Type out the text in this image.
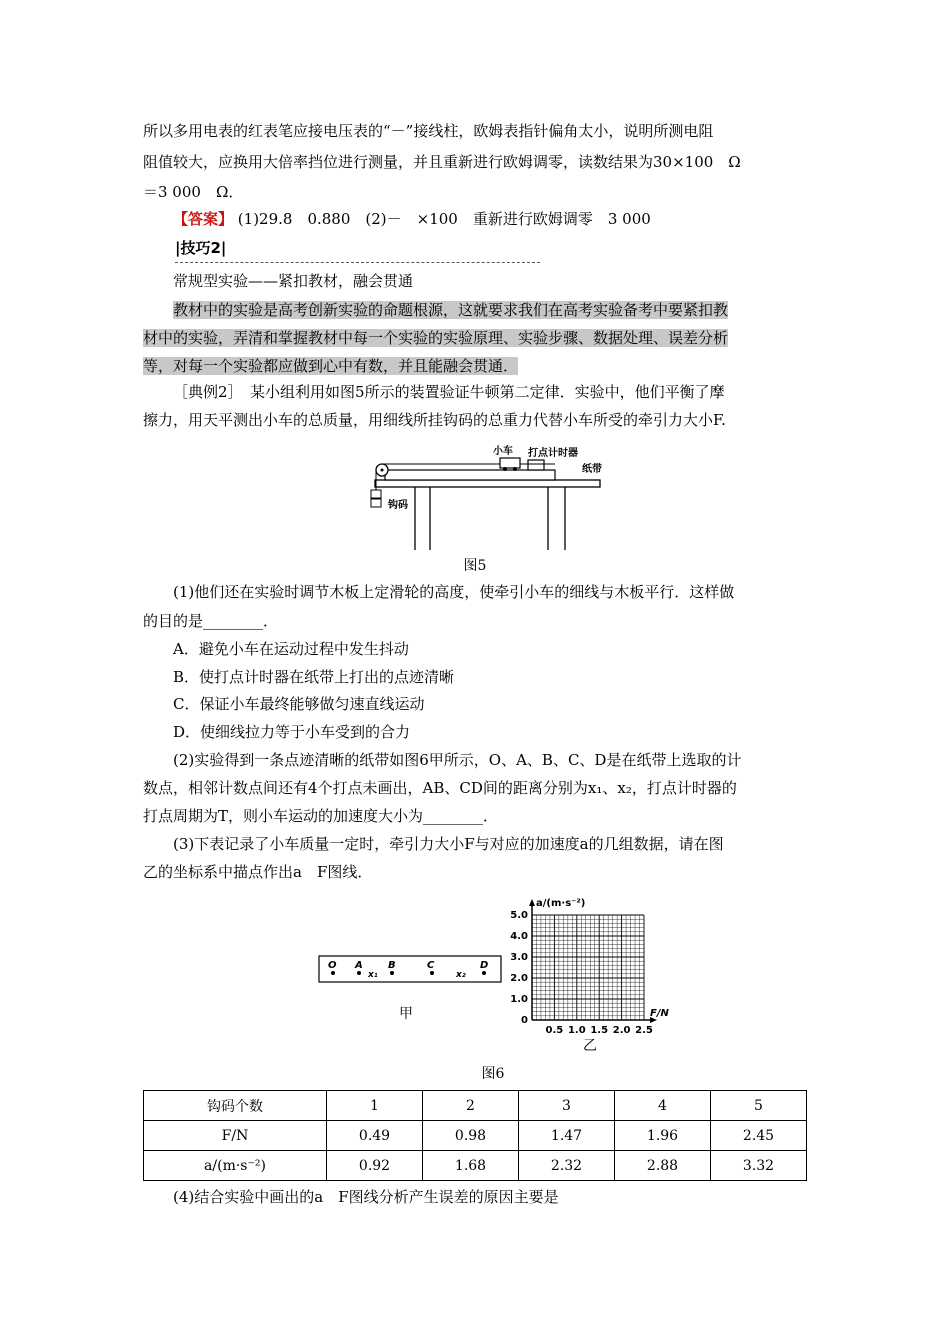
所以多用电表的红表笔应接电压表的“－”接线柱，欧姆表指针偏角太小，说明所测电阻
阻值较大，应换用大倍率挡位进行测量，并且重新进行欧姆调零，读数结果为30×100　Ω
＝3 000　Ω．
【答案】 (1)29.8　0.880　(2)－　×100　重新进行欧姆调零　3 000
|技巧2|
常规型实验——紧扣教材，融会贯通
教材中的实验是高考创新实验的命题根源，这就要求我们在高考实验备考中要紧扣教
材中的实验，弄清和掌握教材中每一个实验的实验原理、实验步骤、数据处理、误差分析
等，对每一个实验都应做到心中有数，并且能融会贯通．
［典例2］　某小组利用如图5所示的装置验证牛顿第二定律．实验中，他们平衡了摩
擦力，用天平测出小车的总质量，用细线所挂钩码的总重力代替小车所受的牵引力大小F.
小车 打点计时器
纸带
钩码
图5
(1)他们还在实验时调节木板上定滑轮的高度，使牵引小车的细线与木板平行．这样做
的目的是________．
A．避免小车在运动过程中发生抖动
B．使打点计时器在纸带上打出的点迹清晰
C．保证小车最终能够做匀速直线运动
D．使细线拉力等于小车受到的合力
(2)实验得到一条点迹清晰的纸带如图6甲所示，O、A、B、C、D是在纸带上选取的计
数点，相邻计数点间还有4个打点未画出，AB、CD间的距离分别为x₁、x₂，打点计时器的
打点周期为T，则小车运动的加速度大小为________．
(3)下表记录了小车质量一定时，牵引力大小F与对应的加速度a的几组数据，请在图
乙的坐标系中描点作出a　F图线．
O A	B	C	D
x₁	x₂
甲
a/(m·s⁻²)
F/N
5.0
4.0
3.0
2.0
1.0
0
0.5 1.0 1.5 2.0 2.5
乙
图6
钩码个数	1	2	3	4	5
F/N	0.49	0.98	1.47	1.96	2.45
a/(m·s⁻²)	0.92	1.68	2.32	2.88	3.32
(4)结合实验中画出的a　F图线分析产生误差的原因主要是
